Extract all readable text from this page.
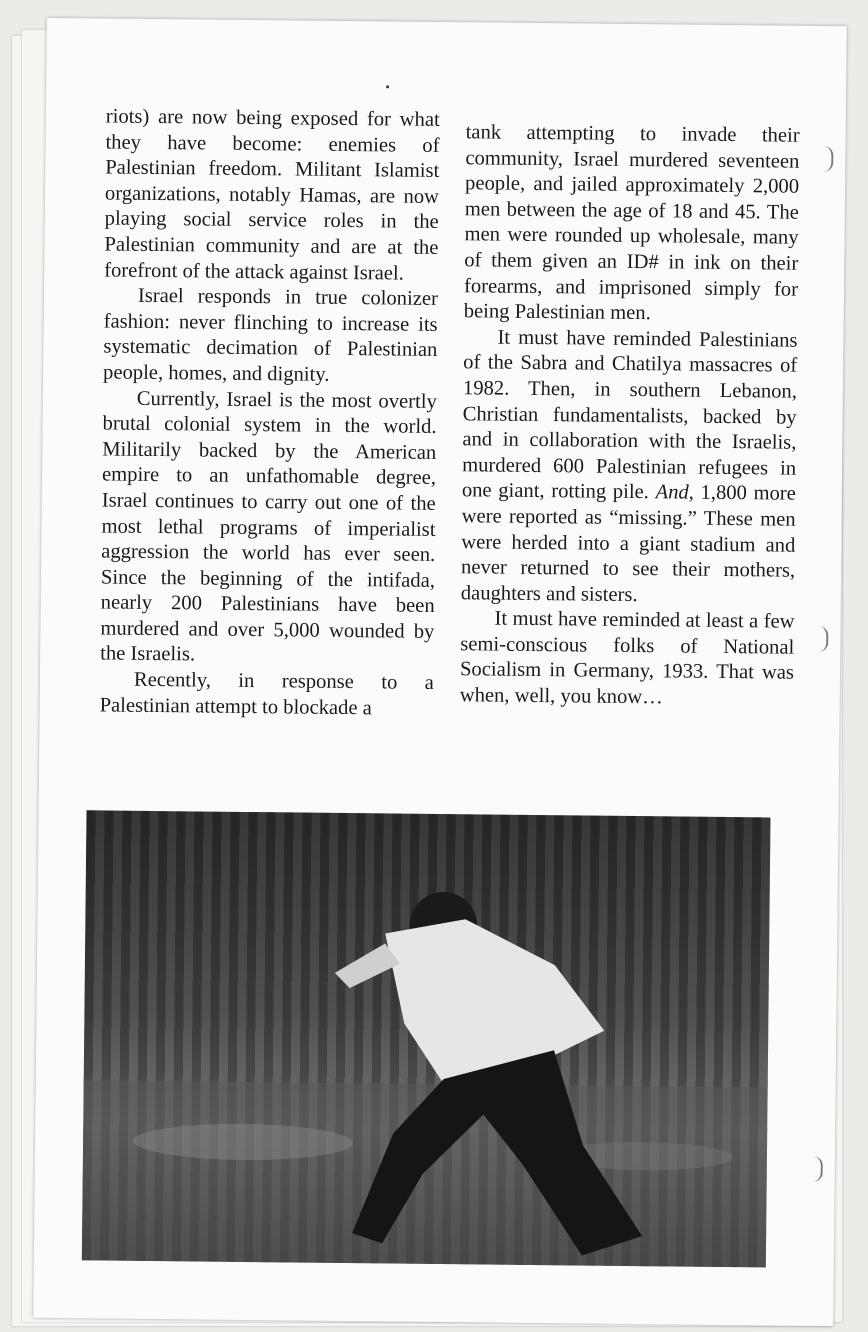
riots) are now being exposed for what they have become: enemies of Palestinian freedom. Militant Islamist organizations, notably Hamas, are now playing social service roles in the Palestinian community and are at the forefront of the attack against Israel.

Israel responds in true colonizer fashion: never flinching to increase its systematic decimation of Palestinian people, homes, and dignity.

Currently, Israel is the most overtly brutal colonial system in the world. Militarily backed by the American empire to an unfathomable degree, Israel continues to carry out one of the most lethal programs of imperialist aggression the world has ever seen. Since the beginning of the intifada, nearly 200 Palestinians have been murdered and over 5,000 wounded by the Israelis.

Recently, in response to a Palestinian attempt to blockade a

tank attempting to invade their community, Israel murdered seventeen people, and jailed approximately 2,000 men between the age of 18 and 45. The men were rounded up wholesale, many of them given an ID# in ink on their forearms, and imprisoned simply for being Palestinian men.

It must have reminded Palestinians of the Sabra and Chatilya massacres of 1982. Then, in southern Lebanon, Christian fundamentalists, backed by and in collaboration with the Israelis, murdered 600 Palestinian refugees in one giant, rotting pile. And, 1,800 more were reported as “missing.” These men were herded into a giant stadium and never returned to see their mothers, daughters and sisters.

It must have reminded at least a few semi-conscious folks of National Socialism in Germany, 1933. That was when, well, you know…
